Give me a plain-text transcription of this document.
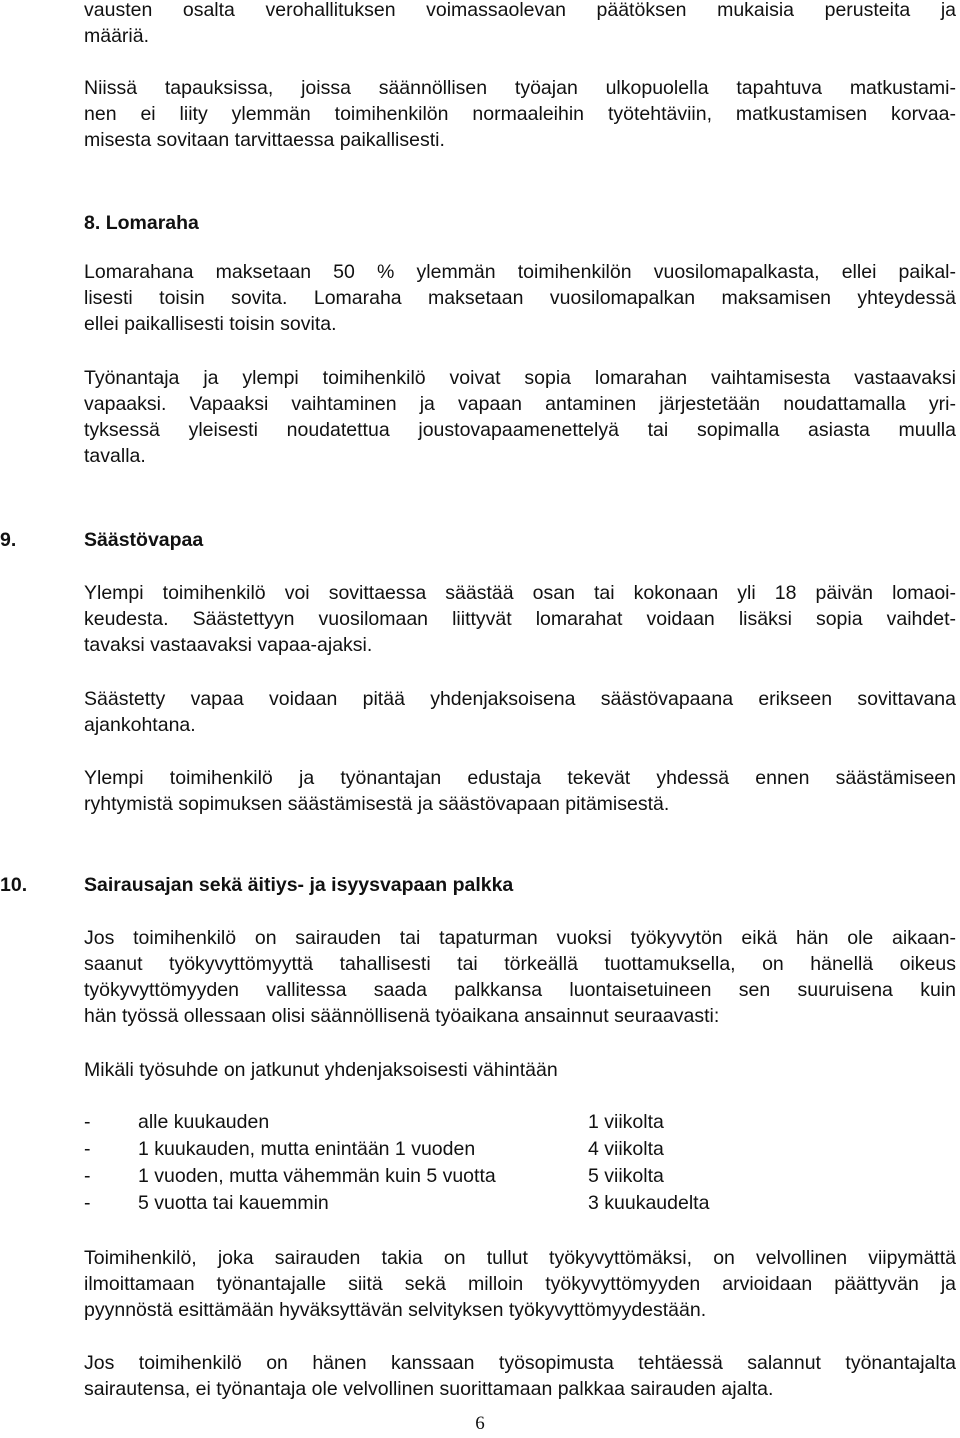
vausten osalta verohallituksen voimassaolevan päätöksen mukaisia perusteita ja
määriä.
Niissä tapauksissa, joissa säännöllisen työajan ulkopuolella tapahtuva matkustami-
nen ei liity ylemmän toimihenkilön normaaleihin työtehtäviin, matkustamisen korvaa-
misesta sovitaan tarvittaessa paikallisesti.
8. Lomaraha
Lomarahana maksetaan 50 % ylemmän toimihenkilön vuosilomapalkasta, ellei paikal-
lisesti toisin sovita. Lomaraha maksetaan vuosilomapalkan maksamisen yhteydessä
ellei paikallisesti toisin sovita.
Työnantaja ja ylempi toimihenkilö voivat sopia lomarahan vaihtamisesta vastaavaksi
vapaaksi. Vapaaksi vaihtaminen ja vapaan antaminen järjestetään noudattamalla yri-
tyksessä yleisesti noudatettua joustovapaamenettelyä tai sopimalla asiasta muulla
tavalla.
9.	Säästövapaa
Ylempi toimihenkilö voi sovittaessa säästää osan tai kokonaan yli 18 päivän lomaoi-
keudesta. Säästettyyn vuosilomaan liittyvät lomarahat voidaan lisäksi sopia vaihdet-
tavaksi vastaavaksi vapaa-ajaksi.
Säästetty vapaa voidaan pitää yhdenjaksoisena säästövapaana erikseen sovittavana
ajankohtana.
Ylempi toimihenkilö ja työnantajan edustaja tekevät yhdessä ennen säästämiseen
ryhtymistä sopimuksen säästämisestä ja säästövapaan pitämisestä.
10.	Sairausajan sekä äitiys- ja isyysvapaan palkka
Jos toimihenkilö on sairauden tai tapaturman vuoksi työkyvytön eikä hän ole aikaan-
saanut työkyvyttömyyttä tahallisesti tai törkeällä tuottamuksella, on hänellä oikeus
työkyvyttömyyden vallitessa saada palkkansa luontaisetuineen sen suuruisena kuin
hän työssä ollessaan olisi säännöllisenä työaikana ansainnut seuraavasti:
Mikäli työsuhde on jatkunut yhdenjaksoisesti vähintään
- alle kuukauden	1 viikolta
- 1 kuukauden, mutta enintään 1 vuoden	4 viikolta
- 1 vuoden, mutta vähemmän kuin 5 vuotta	5 viikolta
- 5 vuotta tai kauemmin	3 kuukaudelta
Toimihenkilö, joka sairauden takia on tullut työkyvyttömäksi, on velvollinen viipymättä
ilmoittamaan työnantajalle siitä sekä milloin työkyvyttömyyden arvioidaan päättyvän ja
pyynnöstä esittämään hyväksyttävän selvityksen työkyvyttömyydestään.
Jos toimihenkilö on hänen kanssaan työsopimusta tehtäessä salannut työnantajalta
sairautensa, ei työnantaja ole velvollinen suorittamaan palkkaa sairauden ajalta.
6
